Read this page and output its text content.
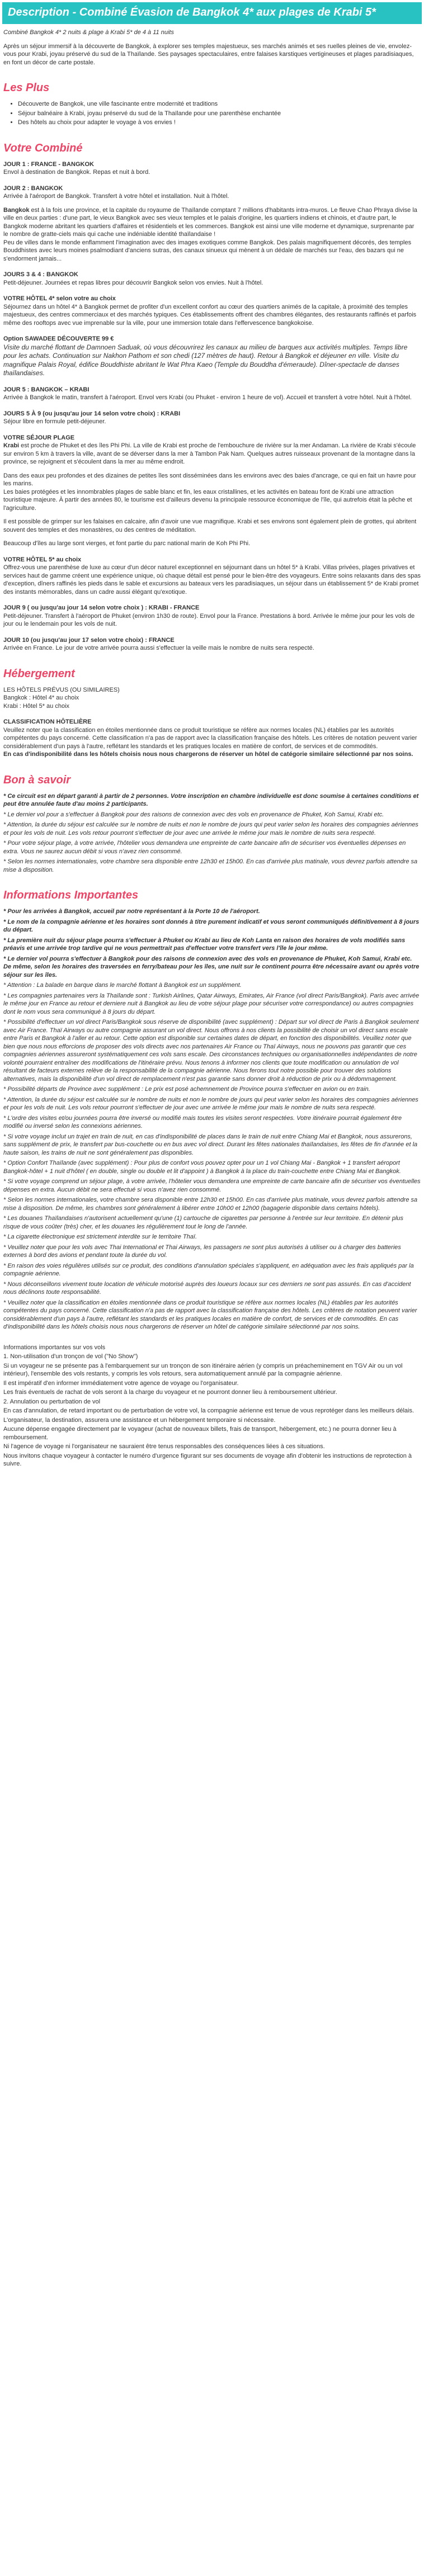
Description - Combiné Évasion de Bangkok 4* aux plages de Krabi 5*
Combiné Bangkok 4* 2 nuits & plage à Krabi 5* de 4 à 11 nuits
Après un séjour immersif à la découverte de Bangkok, à explorer ses temples majestueux, ses marchés animés et ses ruelles pleines de vie, envolez-vous pour Krabi, joyau préservé du sud de la Thaïlande. Ses paysages spectaculaires, entre falaises karstiques vertigineuses et plages paradisiaques, en font un décor de carte postale.
Les Plus
• Découverte de Bangkok, une ville fascinante entre modernité et traditions
• Séjour balnéaire à Krabi, joyau préservé du sud de la Thaïlande pour une parenthèse enchantée
• Des hôtels au choix pour adapter le voyage à vos envies !
Votre Combiné
JOUR 1 : FRANCE - BANGKOK
Envol à destination de Bangkok. Repas et nuit à bord.
JOUR 2 : BANGKOK
Arrivée à l'aéroport de Bangkok. Transfert à votre hôtel et installation. Nuit à l'hôtel.
Bangkok est à la fois une province, et la capitale du royaume de Thaïlande comptant 7 millions d'habitants intra-muros. Le fleuve Chao Phraya divise la ville en deux parties : d'une part, le vieux Bangkok avec ses vieux temples et le palais d'origine, les quartiers indiens et chinois, et d'autre part, le Bangkok moderne abritant les quartiers d'affaires et résidentiels et les commerces. Bangkok est ainsi une ville moderne et dynamique, surprenante par le nombre de gratte-ciels mais qui cache une indéniable identité thaïlandaise !
Peu de villes dans le monde enflamment l'imagination avec des images exotiques comme Bangkok. Des palais magnifiquement décorés, des temples Bouddhistes avec leurs moines psalmodiant d'anciens sutras, des canaux sinueux qui mènent à un dédale de marchés sur l'eau, des bazars qui ne s'endorment jamais...
JOURS 3 & 4 : BANGKOK
Petit-déjeuner. Journées et repas libres pour découvrir Bangkok selon vos envies. Nuit à l'hôtel.
VOTRE HÔTEL 4* selon votre au choix
Séjournez dans un hôtel 4* à Bangkok permet de profiter d'un excellent confort au cœur des quartiers animés de la capitale, à proximité des temples majestueux, des centres commerciaux et des marchés typiques. Ces établissements offrent des chambres élégantes, des restaurants raffinés et parfois même des rooftops avec vue imprenable sur la ville, pour une immersion totale dans l'effervescence bangkokoise.
Option SAWADEE DÉCOUVERTE 99 €
Visite du marché flottant de Damnoen Saduak, où vous découvrirez les canaux au milieu de barques aux activités multiples. Temps libre pour les achats. Continuation sur Nakhon Pathom et son chedi (127 mètres de haut). Retour à Bangkok et déjeuner en ville. Visite du magnifique Palais Royal, édifice Bouddhiste abritant le Wat Phra Kaeo (Temple du Bouddha d'émeraude). Dîner-spectacle de danses thaïlandaises.
JOUR 5 : BANGKOK – KRABI
Arrivée à Bangkok le matin, transfert à l'aéroport. Envol vers Krabi (ou Phuket - environ 1 heure de vol). Accueil et transfert à votre hôtel. Nuit à l'hôtel.
JOURS 5 À 9 (ou jusqu'au jour 14 selon votre choix) : KRABI
Séjour libre en formule petit-déjeuner.
VOTRE SÉJOUR PLAGE
Krabi est proche de Phuket et des îles Phi Phi. La ville de Krabi est proche de l'embouchure de rivière sur la mer Andaman. La rivière de Krabi s'écoule sur environ 5 km à travers la ville, avant de se déverser dans la mer à Tambon Pak Nam. Quelques autres ruisseaux provenant de la montagne dans la province, se rejoignent et s'écoulent dans la mer au même endroit.
Dans des eaux peu profondes et des dizaines de petites îles sont disséminées dans les environs avec des baies d'ancrage, ce qui en fait un havre pour les marins.
Les baies protégées et les innombrables plages de sable blanc et fin, les eaux cristallines, et les activités en bateau font de Krabi une attraction touristique majeure. À partir des années 80, le tourisme est d'ailleurs devenu la principale ressource économique de l'île, qui autrefois était la pêche et l'agriculture.
Il est possible de grimper sur les falaises en calcaire, afin d'avoir une vue magnifique. Krabi et ses environs sont également plein de grottes, qui abritent souvent des temples et des monastères, ou des centres de méditation.
Beaucoup d'îles au large sont vierges, et font partie du parc national marin de Koh Phi Phi.
VOTRE HÔTEL 5* au choix
Offrez-vous une parenthèse de luxe au cœur d'un décor naturel exceptionnel en séjournant dans un hôtel 5* à Krabi. Villas privées, plages privatives et services haut de gamme créent une expérience unique, où chaque détail est pensé pour le bien-être des voyageurs. Entre soins relaxants dans des spas d'exception, dîners raffinés les pieds dans le sable et excursions au bateaux vers les paradisiaques, un séjour dans un établissement 5* de Krabi promet des instants mémorables, dans un cadre aussi élégant qu'exotique.
JOUR 9 ( ou jusqu'au jour 14 selon votre choix ) : KRABI - FRANCE
Petit-déjeuner. Transfert à l'aéroport de Phuket (environ 1h30 de route). Envol pour la France. Prestations à bord. Arrivée le même jour pour les vols de jour ou le lendemain pour les vols de nuit.
JOUR 10 (ou jusqu'au jour 17 selon votre choix) : FRANCE
Arrivée en France. Le jour de votre arrivée pourra aussi s'effectuer la veille mais le nombre de nuits sera respecté.
Hébergement
LES HÔTELS PRÉVUS (OU SIMILAIRES)
Bangkok : Hôtel 4* au choix
Krabi : Hôtel 5* au choix
CLASSIFICATION HÔTELIÈRE
Veuillez noter que la classification en étoiles mentionnée dans ce produit touristique se réfère aux normes locales (NL) établies par les autorités compétentes du pays concerné. Cette classification n'a pas de rapport avec la classification française des hôtels. Les critères de notation peuvent varier considérablement d'un pays à l'autre, reflétant les standards et les pratiques locales en matière de confort, de services et de commodités.
En cas d'indisponibilité dans les hôtels choisis nous nous chargerons de réserver un hôtel de catégorie similaire sélectionné par nos soins.
Bon à savoir
* Ce circuit est en départ garanti à partir de 2 personnes. Votre inscription en chambre individuelle est donc soumise à certaines conditions et peut être annulée faute d'au moins 2 participants.
* Le dernier vol pour a s'effectuer à Bangkok pour des raisons de connexion avec des vols en provenance de Phuket, Koh Samui, Krabi etc.
* Attention, la durée du séjour est calculée sur le nombre de nuits et non le nombre de jours qui peut varier selon les horaires des compagnies aériennes et pour les vols de nuit. Les vols retour pourront s'effectuer de jour avec une arrivée le même jour mais le nombre de nuits sera respecté.
* Pour votre séjour plage, à votre arrivée, l'hôtelier vous demandera une empreinte de carte bancaire afin de sécuriser vos éventuelles dépenses en extra. Vous ne saurez aucun débit si vous n'avez rien consommé.
* Selon les normes internationales, votre chambre sera disponible entre 12h30 et 15h00. En cas d'arrivée plus matinale, vous devrez parfois attendre sa mise à disposition.
Informations Importantes
* Pour les arrivées à Bangkok, accueil par notre représentant à la Porte 10 de l'aéroport.
* Le nom de la compagnie aérienne et les horaires sont donnés à titre purement indicatif et vous seront communiqués définitivement à 8 jours du départ.
* La première nuit du séjour plage pourra s'effectuer à Phuket ou Krabi au lieu de Koh Lanta en raison des horaires de vols modifiés sans préavis et une arrivée trop tardive qui ne vous permettrait pas d'effectuer votre transfert vers l'île le jour même.
* Le dernier vol pourra s'effectuer à Bangkok pour des raisons de connexion avec des vols en provenance de Phuket, Koh Samui, Krabi etc. De même, selon les horaires des traversées en ferry/bateau pour les îles, une nuit sur le continent pourra être nécessaire avant ou après votre séjour sur les îles.
* Attention : La balade en barque dans le marché flottant à Bangkok est un supplément.
* Les compagnies partenaires vers la Thaïlande sont : Turkish Airlines, Qatar Airways, Emirates, Air France (vol direct Paris/Bangkok). Paris avec arrivée le même jour en France au retour et derniere nuit à Bangkok au lieu de votre séjour plage pour sécuriser votre correspondance) ou autres compagnies dont le nom vous sera communiqué à 8 jours du départ.
* Possibilité d'effectuer un vol direct Paris/Bangkok sous réserve de disponibilité (avec supplément) : Départ sur vol direct de Paris à Bangkok seulement avec Air France. Thaï Airways ou autre compagnie assurant un vol direct. Nous offrons à nos clients la possibilité de choisir un vol direct sans escale entre Paris et Bangkok à l'aller et au retour. Cette option est disponible sur certaines dates de départ, en fonction des disponibilités. Veuillez noter que bien que nous nous efforcions de proposer des vols directs avec nos partenaires Air France ou Thaï Airways, nous ne pouvons pas garantir que ces compagnies aériennes assureront systématiquement ces vols sans escale. Des circonstances techniques ou organisationnelles indépendantes de notre volonté pourraient entraîner des modifications de l'itinéraire prévu. Nous tenons à informer nos clients que toute modification ou annulation de vol résultant de facteurs externes relève de la responsabilité de la compagnie aérienne. Nous ferons tout notre possible pour trouver des solutions alternatives, mais la disponibilité d'un vol direct de remplacement n'est pas garantie sans donner droit à réduction de prix ou à dédommagement.
* Possibilité départs de Province avec supplément : Le prix est posé achemnement de Province pourra s'effectuer en avion ou en train.
* Attention, la durée du séjour est calculée sur le nombre de nuits et non le nombre de jours qui peut varier selon les horaires des compagnies aériennes et pour les vols de nuit. Les vols retour pourront s'effectuer de jour avec une arrivée le même jour mais le nombre de nuits sera respecté.
* L'ordre des visites et/ou journées pourra être inversé ou modifié mais toutes les visites seront respectées. Votre itinéraire pourrait également être modifié ou inversé selon les connexions aériennes.
* Si votre voyage inclut un trajet en train de nuit, en cas d'indisponibilité de places dans le train de nuit entre Chiang Mai et Bangkok, nous assurerons, sans supplément de prix, le transfert par bus-couchette ou en bus avec vol direct. Durant les fêtes nationales thaïlandaises, les fêtes de fin d'année et la haute saison, les trains de nuit ne sont généralement pas disponibles.
* Option Confort Thaïlande (avec supplément) : Pour plus de confort vous pouvez opter pour un 1 vol Chiang Mai - Bangkok + 1 transfert aéroport Bangkok-hôtel + 1 nuit d'hôtel ( en double, single ou double et lit d'appoint ) à Bangkok à la place du train-couchette entre Chiang Mai et Bangkok.
* Si votre voyage comprend un séjour plage, à votre arrivée, l'hôtelier vous demandera une empreinte de carte bancaire afin de sécuriser vos éventuelles dépenses en extra. Aucun débit ne sera effectué si vous n'avez rien consommé.
* Selon les normes internationales, votre chambre sera disponible entre 12h30 et 15h00. En cas d'arrivée plus matinale, vous devrez parfois attendre sa mise à disposition. De même, les chambres sont généralement à libérer entre 10h00 et 12h00 (bagagerie disponible dans certains hôtels).
* Les douanes Thaïlandaises n'autorisent actuellement qu'une (1) cartouche de cigarettes par personne à l'entrée sur leur territoire. En détenir plus risque de vous coûter (très) cher, et les douanes les régulièrement tout le long de l'année.
* La cigarette électronique est strictement interdite sur le territoire Thaï.
* Veuillez noter que pour les vols avec Thai International et Thai Airways, les passagers ne sont plus autorisés à utiliser ou à charger des batteries externes à bord des avions et pendant toute la durée du vol.
* En raison des voies régulières utilisés sur ce produit, des conditions d'annulation spéciales s'appliquent, en adéquation avec les frais appliqués par la compagnie aérienne.
* Nous déconseillons vivement toute location de véhicule motorisé auprès des loueurs locaux sur ces derniers ne sont pas assurés. En cas d'accident nous déclinons toute responsabilité.
* Veuillez noter que la classification en étoiles mentionnée dans ce produit touristique se réfère aux normes locales (NL) établies par les autorités compétentes du pays concerné. Cette classification n'a pas de rapport avec la classification française des hôtels. Les critères de notation peuvent varier considérablement d'un pays à l'autre, reflétant les standards et les pratiques locales en matière de confort, de services et de commodités. En cas d'indisponibilité dans les hôtels choisis nous nous chargerons de réserver un hôtel de catégorie similaire sélectionné par nos soins.
Informations importantes sur vos vols
1. Non-utilisation d'un tronçon de vol ("No Show")
Si un voyageur ne se présente pas à l'embarquement sur un tronçon de son itinéraire aérien (y compris un préacheminement en TGV Air ou un vol intérieur), l'ensemble des vols restants, y compris les vols retours, sera automatiquement annulé par la compagnie aérienne.
Il est impératif d'en informer immédiatement votre agence de voyage ou l'organisateur.
Les frais éventuels de rachat de vols seront à la charge du voyageur et ne pourront donner lieu à remboursement ultérieur.
2. Annulation ou perturbation de vol
En cas d'annulation, de retard important ou de perturbation de votre vol, la compagnie aérienne est tenue de vous reprotéger dans les meilleurs délais.
L'organisateur, la destination, assurera une assistance et un hébergement temporaire si nécessaire.
Aucune dépense engagée directement par le voyageur (achat de nouveaux billets, frais de transport, hébergement, etc.) ne pourra donner lieu à remboursement.
Ni l'agence de voyage ni l'organisateur ne sauraient être tenus responsables des conséquences liées à ces situations.
Nous invitons chaque voyageur à contacter le numéro d'urgence figurant sur ses documents de voyage afin d'obtenir les instructions de reprotection à suivre.
